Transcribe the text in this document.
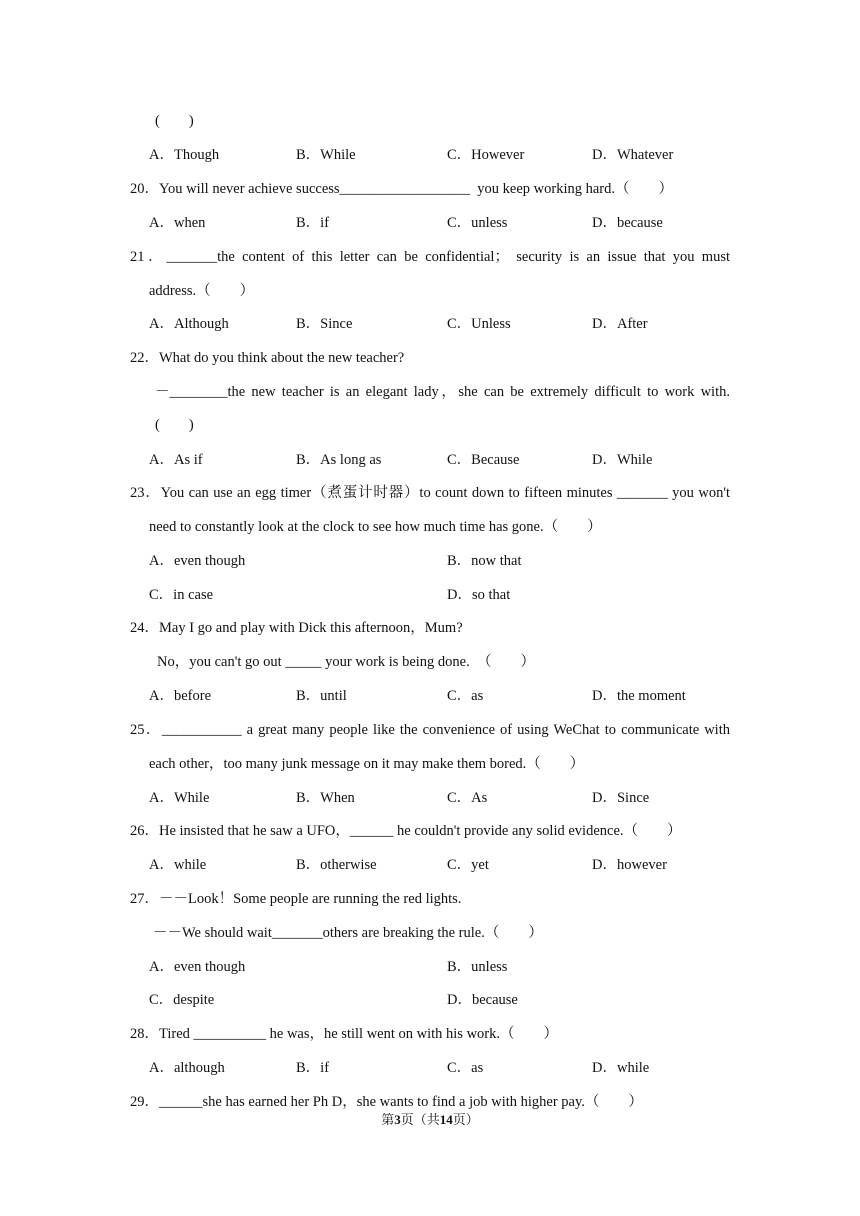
(　　)
A．Though	B．While	C．However	D．Whatever
20．You will never achieve success__________________  you keep working hard.（　　）
A．when	B．if	C．unless	D．because
21．_______the content of this letter can be confidential； security is an issue that you must
address.（　　）
A．Although	B．Since	C．Unless	D．After
22．What do you think about the new teacher?
－________the new teacher is an elegant lady，she can be extremely difficult to work with.
(　　)
A．As if	B．As long as	C．Because	D．While
23．You can use an egg timer（煮蛋计时器）to count down to fifteen minutes _______ you won't
need to constantly look at the clock to see how much time has gone.（　　）
A．even though	B．now that
C．in case	D．so that
24．May I go and play with Dick this afternoon，Mum?
No，you can't go out _____ your work is being done.　（　　）
A．before	B．until	C．as	D．the moment
25．___________ a great many people like the convenience of using WeChat to communicate with
each other，too many junk message on it may make them bored.（　　）
A．While	B．When	C．As	D．Since
26．He insisted that he saw a UFO，______ he couldn't provide any solid evidence.（　　）
A．while	B．otherwise	C．yet	D．however
27．－－Look！Some people are running the red lights.
－－We should wait_______others are breaking the rule.（　　）
A．even though	B．unless
C．despite	D．because
28．Tired __________ he was，he still went on with his work.（　　）
A．although	B．if	C．as	D．while
29．______she has earned her Ph D，she wants to find a job with higher pay.（　　）
第3页（共14页）
